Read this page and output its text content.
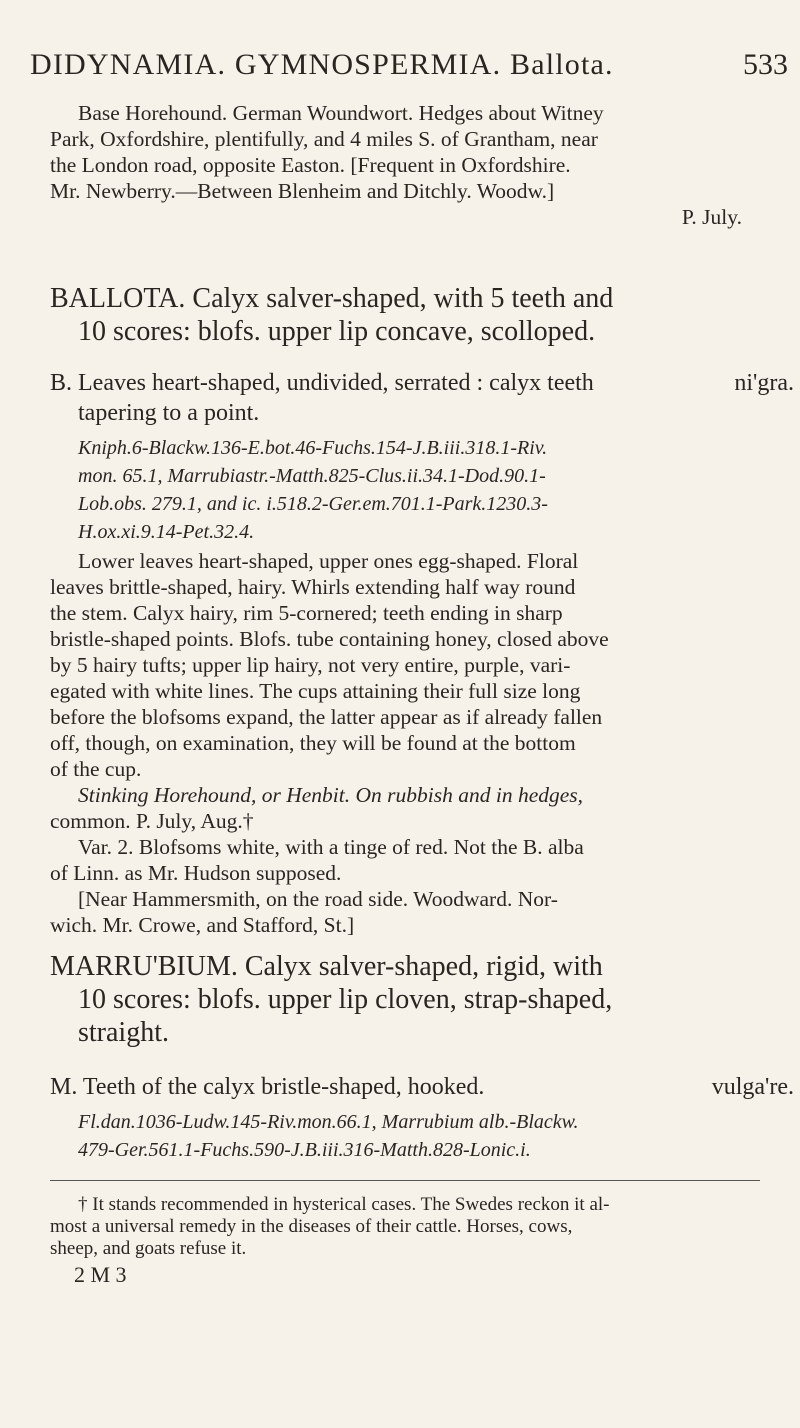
DIDYNAMIA. GYMNOSPERMIA. Ballota.	533

Base Horehound. German Woundwort. Hedges about Witney

Park, Oxfordshire, plentifully, and 4 miles S. of Grantham, near

the London road, opposite Easton. [Frequent in Oxfordshire.

Mr. Newberry.—Between Blenheim and Ditchly. Woodw.]

P. July.

BALLOTA. Calyx salver-shaped, with 5 teeth and

10 scores: blofs. upper lip concave, scolloped.

B. Leaves heart-shaped, undivided, serrated : calyx teeth

tapering to a point.

ni'gra.

Kniph.6-Blackw.136-E.bot.46-Fuchs.154-J.B.iii.318.1-Riv.

mon. 65.1, Marrubiastr.-Matth.825-Clus.ii.34.1-Dod.90.1-

Lob.obs. 279.1, and ic. i.518.2-Ger.em.701.1-Park.1230.3-

H.ox.xi.9.14-Pet.32.4.

Lower leaves heart-shaped, upper ones egg-shaped. Floral

leaves brittle-shaped, hairy. Whirls extending half way round

the stem. Calyx hairy, rim 5-cornered; teeth ending in sharp

bristle-shaped points. Blofs. tube containing honey, closed above

by 5 hairy tufts; upper lip hairy, not very entire, purple, vari-

egated with white lines. The cups attaining their full size long

before the blofsoms expand, the latter appear as if already fallen

off, though, on examination, they will be found at the bottom

of the cup.

Stinking Horehound, or Henbit. On rubbish and in hedges,

common. P. July, Aug.†

Var. 2. Blofsoms white, with a tinge of red. Not the B. alba

of Linn. as Mr. Hudson supposed.

[Near Hammersmith, on the road side. Woodward. Nor-

wich. Mr. Crowe, and Stafford, St.]

MARRU'BIUM. Calyx salver-shaped, rigid, with

10 scores: blofs. upper lip cloven, strap-shaped,

straight.

M. Teeth of the calyx bristle-shaped, hooked.	vulga're.

Fl.dan.1036-Ludw.145-Riv.mon.66.1, Marrubium alb.-Blackw.

479-Ger.561.1-Fuchs.590-J.B.iii.316-Matth.828-Lonic.i.

† It stands recommended in hysterical cases. The Swedes reckon it al-

most a universal remedy in the diseases of their cattle. Horses, cows,

sheep, and goats refuse it.

2 M 3
